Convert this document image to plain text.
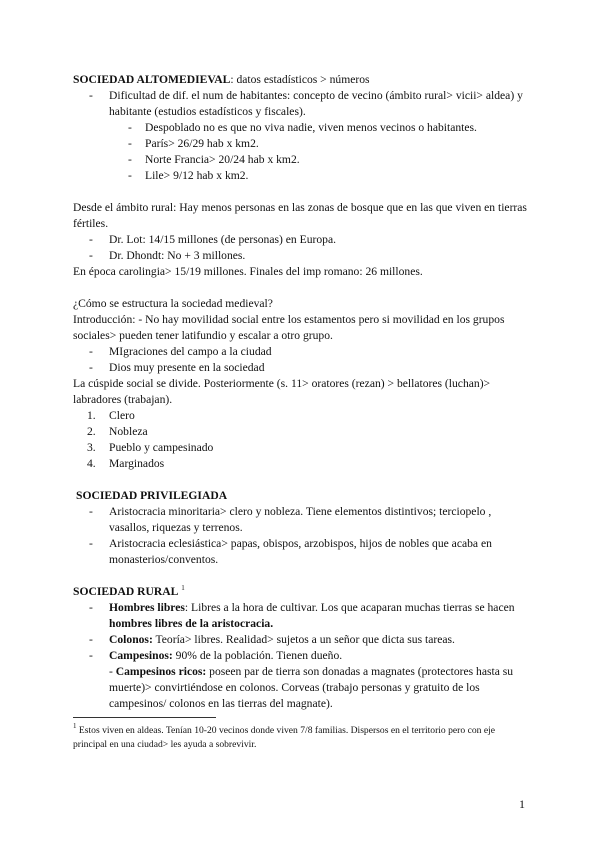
SOCIEDAD ALTOMEDIEVAL: datos estadísticos > números

- Dificultad de dif. el num de habitantes: concepto de vecino (ámbito rural> vicii> aldea) y habitante (estudios estadísticos y fiscales).
- Despoblado no es que no viva nadie, viven menos vecinos o habitantes.
- París> 26/29 hab x km2.
- Norte Francia> 20/24 hab x km2.
- Lile> 9/12 hab x km2.

Desde el ámbito rural: Hay menos personas en las zonas de bosque que en las que viven en tierras fértiles.

- Dr. Lot: 14/15 millones (de personas) en Europa.
- Dr. Dhondt: No + 3 millones.

En época carolingia> 15/19 millones. Finales del imp romano: 26 millones.

¿Cómo se estructura la sociedad medieval?

Introducción: - No hay movilidad social entre los estamentos pero si movilidad en los grupos sociales> pueden tener latifundio y escalar a otro grupo.

- MIgraciones del campo a la ciudad
- Dios muy presente en la sociedad

La cúspide social se divide. Posteriormente (s. 11> oratores (rezan) > bellatores (luchan)> labradores (trabajan).

1. Clero
2. Nobleza
3. Pueblo y campesinado
4. Marginados

SOCIEDAD PRIVILEGIADA

- Aristocracia minoritaria> clero y nobleza. Tiene elementos distintivos; terciopelo , vasallos, riquezas y terrenos.
- Aristocracia eclesiástica> papas, obispos, arzobispos, hijos de nobles que acaba en monasterios/conventos.

SOCIEDAD RURAL $^1$

- Hombres libres: Libres a la hora de cultivar. Los que acaparan muchas tierras se hacen hombres libres de la aristocracia.
- Colonos: Teoría> libres. Realidad> sujetos a un señor que dicta sus tareas.
- Campesinos: 90% de la población. Tienen dueño.
- Campesinos ricos: poseen par de tierra son donadas a magnates (protectores hasta su muerte)> convirtiéndose en colonos. Corveas (trabajo personas y gratuito de los campesinos/ colonos en las tierras del magnate).

$^1$ Estos viven en aldeas. Tenían 10-20 vecinos donde viven 7/8 familias. Dispersos en el territorio pero con eje principal en una ciudad> les ayuda a sobrevivir.

1
